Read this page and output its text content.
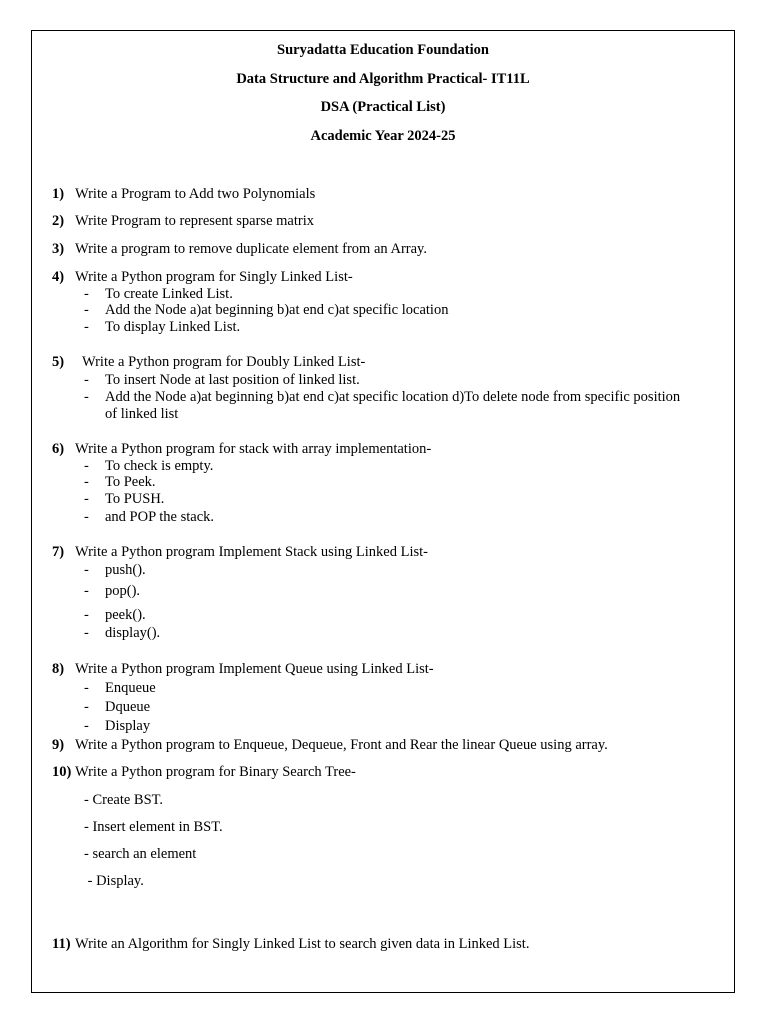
Suryadatta Education Foundation
Data Structure and Algorithm Practical- IT11L
DSA (Practical List)
Academic Year 2024-25
1) Write a Program to Add two Polynomials
2) Write Program to represent sparse matrix
3) Write a program to remove duplicate element from an Array.
4) Write a Python program for Singly Linked List-
- To create Linked List.
- Add the Node a)at beginning b)at end c)at specific location
- To display Linked List.
5) Write a Python program for Doubly Linked List-
- To insert Node at last position of linked list.
- Add the Node a)at beginning b)at end c)at specific location d)To delete node from specific position
of linked list
6) Write a Python program for stack with array implementation-
- To check is empty.
- To Peek.
- To PUSH.
- and POP the stack.
7) Write a Python program Implement Stack using Linked List-
- push().
- pop().
- peek().
- display().
8) Write a Python program Implement Queue using Linked List-
- Enqueue
- Dqueue
- Display
9) Write a Python program to Enqueue, Dequeue, Front and Rear the linear Queue using array.
10) Write a Python program for Binary Search Tree-
- Create BST.
- Insert element in BST.
- search an element
- Display.
11) Write an Algorithm for Singly Linked List to search given data in Linked List.
